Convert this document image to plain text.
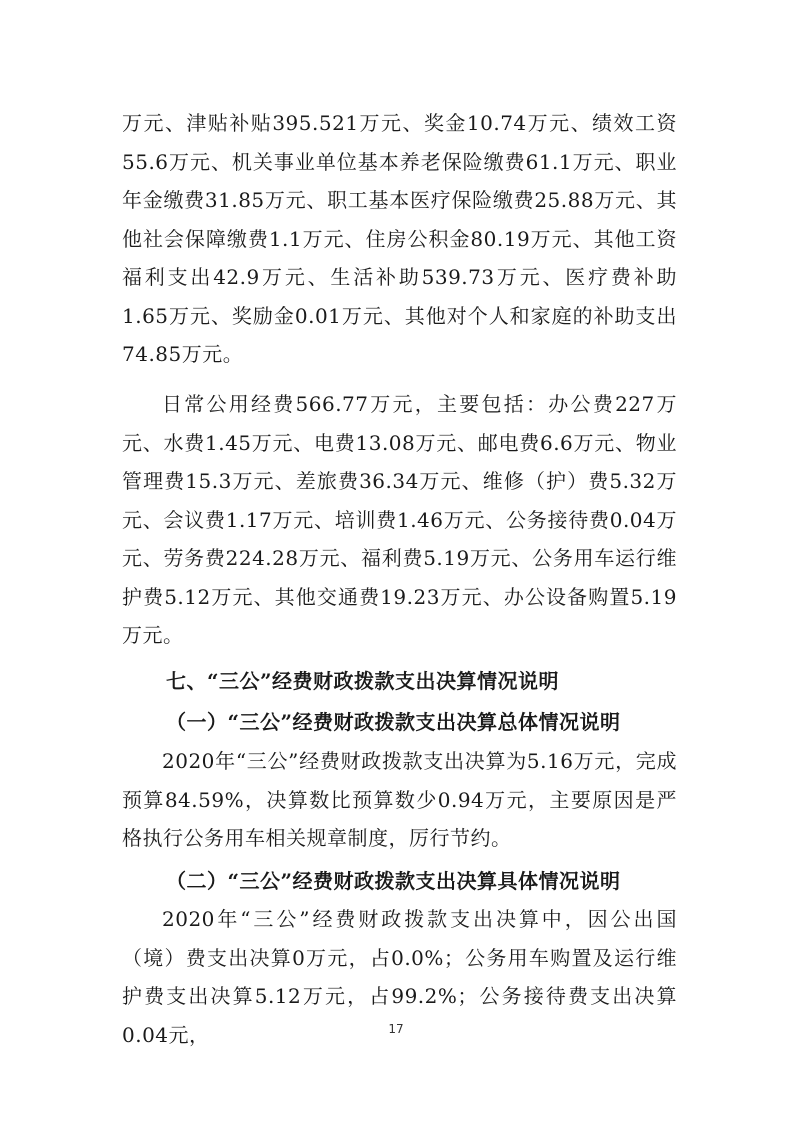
万元、津贴补贴395.521万元、奖金10.74万元、绩效工资55.6万元、机关事业单位基本养老保险缴费61.1万元、职业年金缴费31.85万元、职工基本医疗保险缴费25.88万元、其他社会保障缴费1.1万元、住房公积金80.19万元、其他工资福利支出42.9万元、生活补助539.73万元、医疗费补助1.65万元、奖励金0.01万元、其他对个人和家庭的补助支出74.85万元。

日常公用经费566.77万元，主要包括：办公费227万元、水费1.45万元、电费13.08万元、邮电费6.6万元、物业管理费15.3万元、差旅费36.34万元、维修（护）费5.32万元、会议费1.17万元、培训费1.46万元、公务接待费0.04万元、劳务费224.28万元、福利费5.19万元、公务用车运行维护费5.12万元、其他交通费19.23万元、办公设备购置5.19万元。

七、“三公”经费财政拨款支出决算情况说明
（一）“三公”经费财政拨款支出决算总体情况说明

2020年“三公”经费财政拨款支出决算为5.16万元，完成预算84.59%，决算数比预算数少0.94万元，主要原因是严格执行公务用车相关规章制度，厉行节约。

（二）“三公”经费财政拨款支出决算具体情况说明

2020年“三公”经费财政拨款支出决算中，因公出国（境）费支出决算0万元，占0.0%；公务用车购置及运行维护费支出决算5.12万元，占99.2%；公务接待费支出决算0.04元，	17
